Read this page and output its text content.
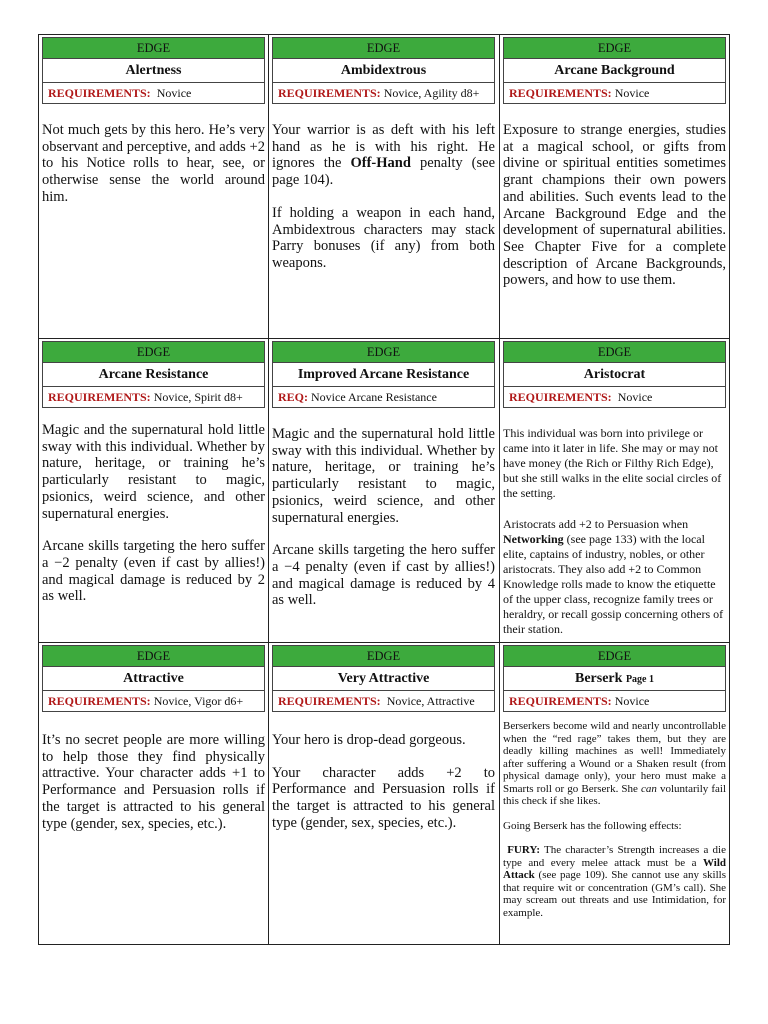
EDGE
Alertness
REQUIREMENTS: Novice

Not much gets by this hero. He’s very observant and perceptive, and adds +2 to his Notice rolls to hear, see, or otherwise sense the world around him.

EDGE
Ambidextrous
REQUIREMENTS: Novice, Agility d8+

Your warrior is as deft with his left hand as he is with his right. He ignores the Off-Hand penalty (see page 104).

If holding a weapon in each hand, Ambidextrous characters may stack Parry bonuses (if any) from both weapons.

EDGE
Arcane Background
REQUIREMENTS: Novice

Exposure to strange energies, studies at a magical school, or gifts from divine or spiritual entities sometimes grant champions their own powers and abilities. Such events lead to the Arcane Background Edge and the development of supernatural abilities. See Chapter Five for a complete description of Arcane Backgrounds, powers, and how to use them.

EDGE
Arcane Resistance
REQUIREMENTS: Novice, Spirit d8+

Magic and the supernatural hold little sway with this individual. Whether by nature, heritage, or training he’s particularly resistant to magic, psionics, weird science, and other supernatural energies.

Arcane skills targeting the hero suffer a −2 penalty (even if cast by allies!) and magical damage is reduced by 2 as well.

EDGE
Improved Arcane Resistance
REQ: Novice Arcane Resistance

Magic and the supernatural hold little sway with this individual. Whether by nature, heritage, or training he’s particularly resistant to magic, psionics, weird science, and other supernatural energies.

Arcane skills targeting the hero suffer a −4 penalty (even if cast by allies!) and magical damage is reduced by 4 as well.

EDGE
Aristocrat
REQUIREMENTS: Novice

This individual was born into privilege or came into it later in life. She may or may not have money (the Rich or Filthy Rich Edge), but she still walks in the elite social circles of the setting.

Aristocrats add +2 to Persuasion when Networking (see page 133) with the local elite, captains of industry, nobles, or other aristocrats. They also add +2 to Common Knowledge rolls made to know the etiquette of the upper class, recognize family trees or heraldry, or recall gossip concerning others of their station.

EDGE
Attractive
REQUIREMENTS: Novice, Vigor d6+

It’s no secret people are more willing to help those they find physically attractive. Your character adds +1 to Performance and Persuasion rolls if the target is attracted to his general type (gender, sex, species, etc.).

EDGE
Very Attractive
REQUIREMENTS: Novice, Attractive

Your hero is drop-dead gorgeous.

Your character adds +2 to Performance and Persuasion rolls if the target is attracted to his general type (gender, sex, species, etc.).

EDGE
Berserk Page 1
REQUIREMENTS: Novice

Berserkers become wild and nearly uncontrollable when the “red rage” takes them, but they are deadly killing machines as well! Immediately after suffering a Wound or a Shaken result (from physical damage only), your hero must make a Smarts roll or go Berserk. She can voluntarily fail this check if she likes.

Going Berserk has the following effects:

FURY: The character’s Strength increases a die type and every melee attack must be a Wild Attack (see page 109). She cannot use any skills that require wit or concentration (GM’s call). She may scream out threats and use Intimidation, for example.
